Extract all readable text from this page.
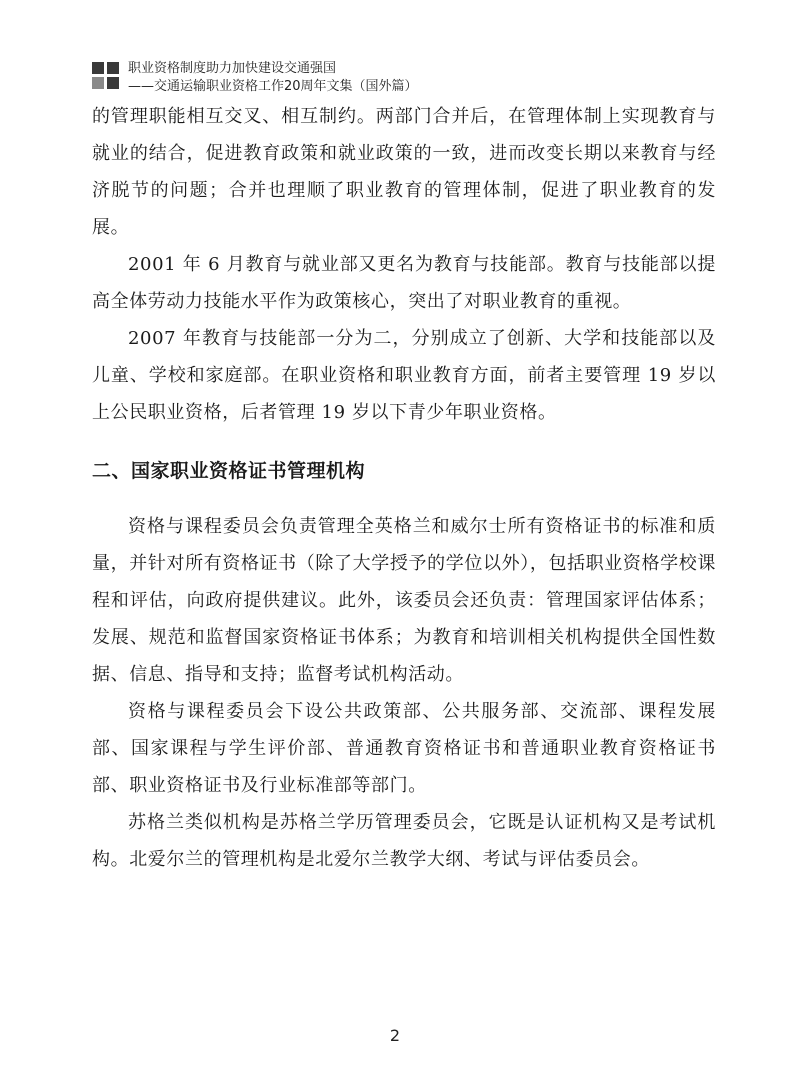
职业资格制度助力加快建设交通强国
——交通运输职业资格工作20周年文集（国外篇）

的管理职能相互交叉、相互制约。两部门合并后，在管理体制上实现教育与就业的结合，促进教育政策和就业政策的一致，进而改变长期以来教育与经济脱节的问题；合并也理顺了职业教育的管理体制，促进了职业教育的发展。

2001 年 6 月教育与就业部又更名为教育与技能部。教育与技能部以提高全体劳动力技能水平作为政策核心，突出了对职业教育的重视。

2007 年教育与技能部一分为二，分别成立了创新、大学和技能部以及儿童、学校和家庭部。在职业资格和职业教育方面，前者主要管理 19 岁以上公民职业资格，后者管理 19 岁以下青少年职业资格。

二、国家职业资格证书管理机构

资格与课程委员会负责管理全英格兰和威尔士所有资格证书的标准和质量，并针对所有资格证书（除了大学授予的学位以外），包括职业资格学校课程和评估，向政府提供建议。此外，该委员会还负责：管理国家评估体系；发展、规范和监督国家资格证书体系；为教育和培训相关机构提供全国性数据、信息、指导和支持；监督考试机构活动。

资格与课程委员会下设公共政策部、公共服务部、交流部、课程发展部、国家课程与学生评价部、普通教育资格证书和普通职业教育资格证书部、职业资格证书及行业标准部等部门。

苏格兰类似机构是苏格兰学历管理委员会，它既是认证机构又是考试机构。北爱尔兰的管理机构是北爱尔兰教学大纲、考试与评估委员会。

2
